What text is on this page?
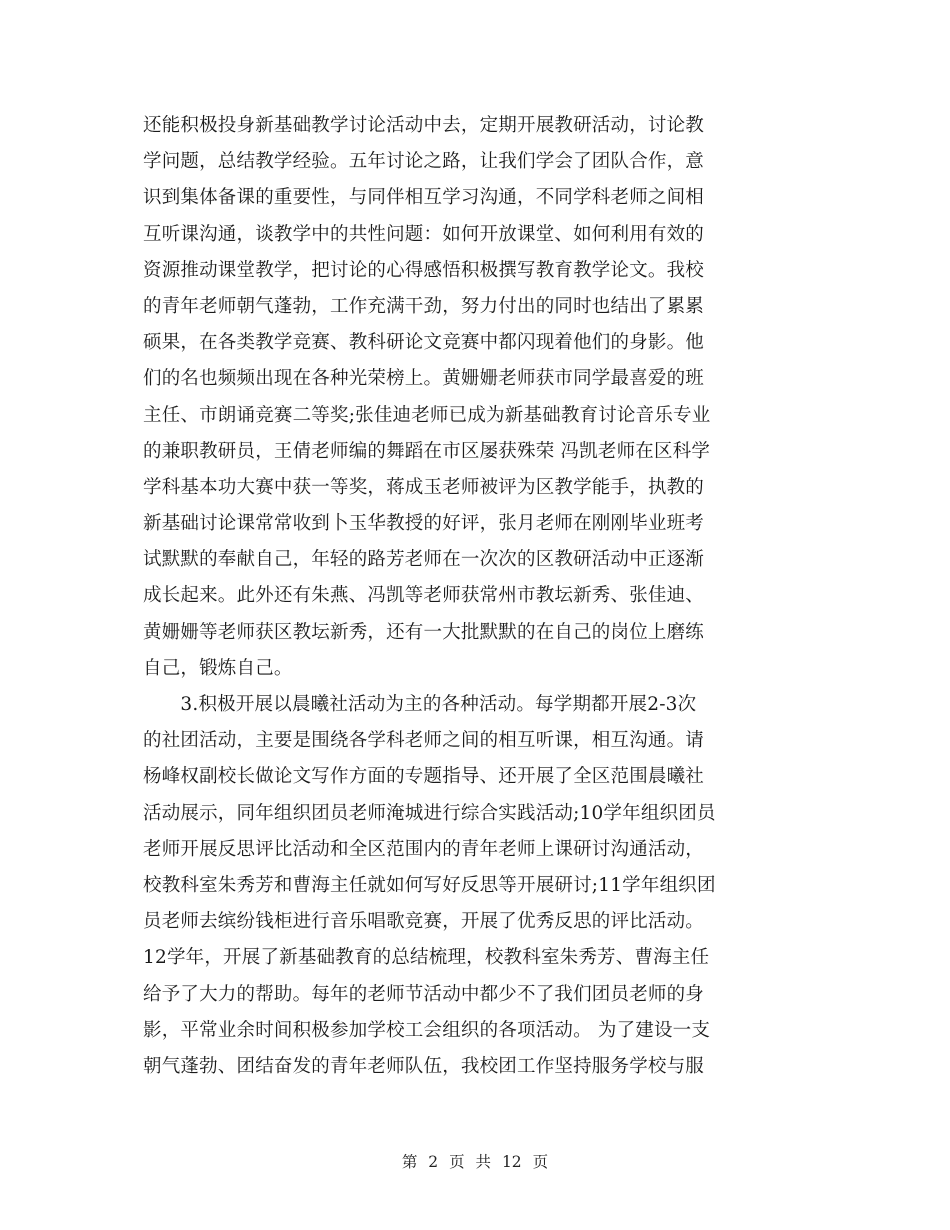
还能积极投身新基础教学讨论活动中去，定期开展教研活动，讨论教
学问题，总结教学经验。五年讨论之路，让我们学会了团队合作，意
识到集体备课的重要性，与同伴相互学习沟通，不同学科老师之间相
互听课沟通，谈教学中的共性问题：如何开放课堂、如何利用有效的
资源推动课堂教学，把讨论的心得感悟积极撰写教育教学论文。我校
的青年老师朝气蓬勃，工作充满干劲，努力付出的同时也结出了累累
硕果，在各类教学竞赛、教科研论文竞赛中都闪现着他们的身影。他
们的名也频频出现在各种光荣榜上。黄姗姗老师获市同学最喜爱的班
主任、市朗诵竞赛二等奖;张佳迪老师已成为新基础教育讨论音乐专业
的兼职教研员，王倩老师编的舞蹈在市区屡获殊荣 冯凯老师在区科学
学科基本功大赛中获一等奖，蒋成玉老师被评为区教学能手，执教的
新基础讨论课常常收到卜玉华教授的好评，张月老师在刚刚毕业班考
试默默的奉献自己，年轻的路芳老师在一次次的区教研活动中正逐渐
成长起来。此外还有朱燕、冯凯等老师获常州市教坛新秀、张佳迪、
黄姗姗等老师获区教坛新秀，还有一大批默默的在自己的岗位上磨练
自己，锻炼自己。
　　3.积极开展以晨曦社活动为主的各种活动。每学期都开展2-3次
的社团活动，主要是围绕各学科老师之间的相互听课，相互沟通。请
杨峰权副校长做论文写作方面的专题指导、还开展了全区范围晨曦社
活动展示，同年组织团员老师淹城进行综合实践活动;10学年组织团员
老师开展反思评比活动和全区范围内的青年老师上课研讨沟通活动，
校教科室朱秀芳和曹海主任就如何写好反思等开展研讨;11学年组织团
员老师去缤纷钱柜进行音乐唱歌竞赛，开展了优秀反思的评比活动。
12学年，开展了新基础教育的总结梳理，校教科室朱秀芳、曹海主任
给予了大力的帮助。每年的老师节活动中都少不了我们团员老师的身
影，平常业余时间积极参加学校工会组织的各项活动。 为了建设一支
朝气蓬勃、团结奋发的青年老师队伍，我校团工作坚持服务学校与服
第 2 页 共 12 页
